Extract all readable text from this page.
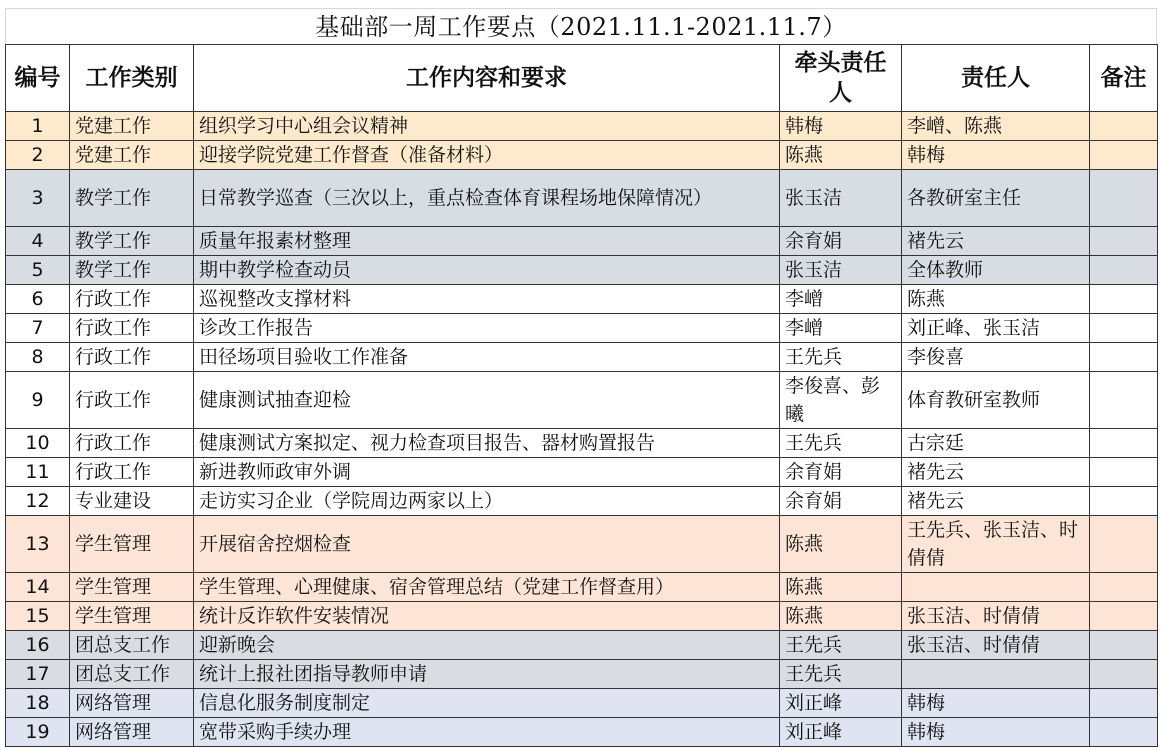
基础部一周工作要点（2021.11.1-2021.11.7）
编号	工作类别	工作内容和要求	牵头责任人	责任人	备注
1	党建工作	组织学习中心组会议精神	韩梅	李嶒、陈燕	
2	党建工作	迎接学院党建工作督查（准备材料）	陈燕	韩梅	
3	教学工作	日常教学巡查（三次以上，重点检查体育课程场地保障情况）	张玉洁	各教研室主任	
4	教学工作	质量年报素材整理	余育娟	褚先云	
5	教学工作	期中教学检查动员	张玉洁	全体教师	
6	行政工作	巡视整改支撑材料	李嶒	陈燕	
7	行政工作	诊改工作报告	李嶒	刘正峰、张玉洁	
8	行政工作	田径场项目验收工作准备	王先兵	李俊喜	
9	行政工作	健康测试抽查迎检	李俊喜、彭曦	体育教研室教师	
10	行政工作	健康测试方案拟定、视力检查项目报告、器材购置报告	王先兵	古宗廷	
11	行政工作	新进教师政审外调	余育娟	褚先云	
12	专业建设	走访实习企业（学院周边两家以上）	余育娟	褚先云	
13	学生管理	开展宿舍控烟检查	陈燕	王先兵、张玉洁、时倩倩	
14	学生管理	学生管理、心理健康、宿舍管理总结（党建工作督查用）	陈燕		
15	学生管理	统计反诈软件安装情况	陈燕	张玉洁、时倩倩	
16	团总支工作	迎新晚会	王先兵	张玉洁、时倩倩	
17	团总支工作	统计上报社团指导教师申请	王先兵		
18	网络管理	信息化服务制度制定	刘正峰	韩梅	
19	网络管理	宽带采购手续办理	刘正峰	韩梅	
